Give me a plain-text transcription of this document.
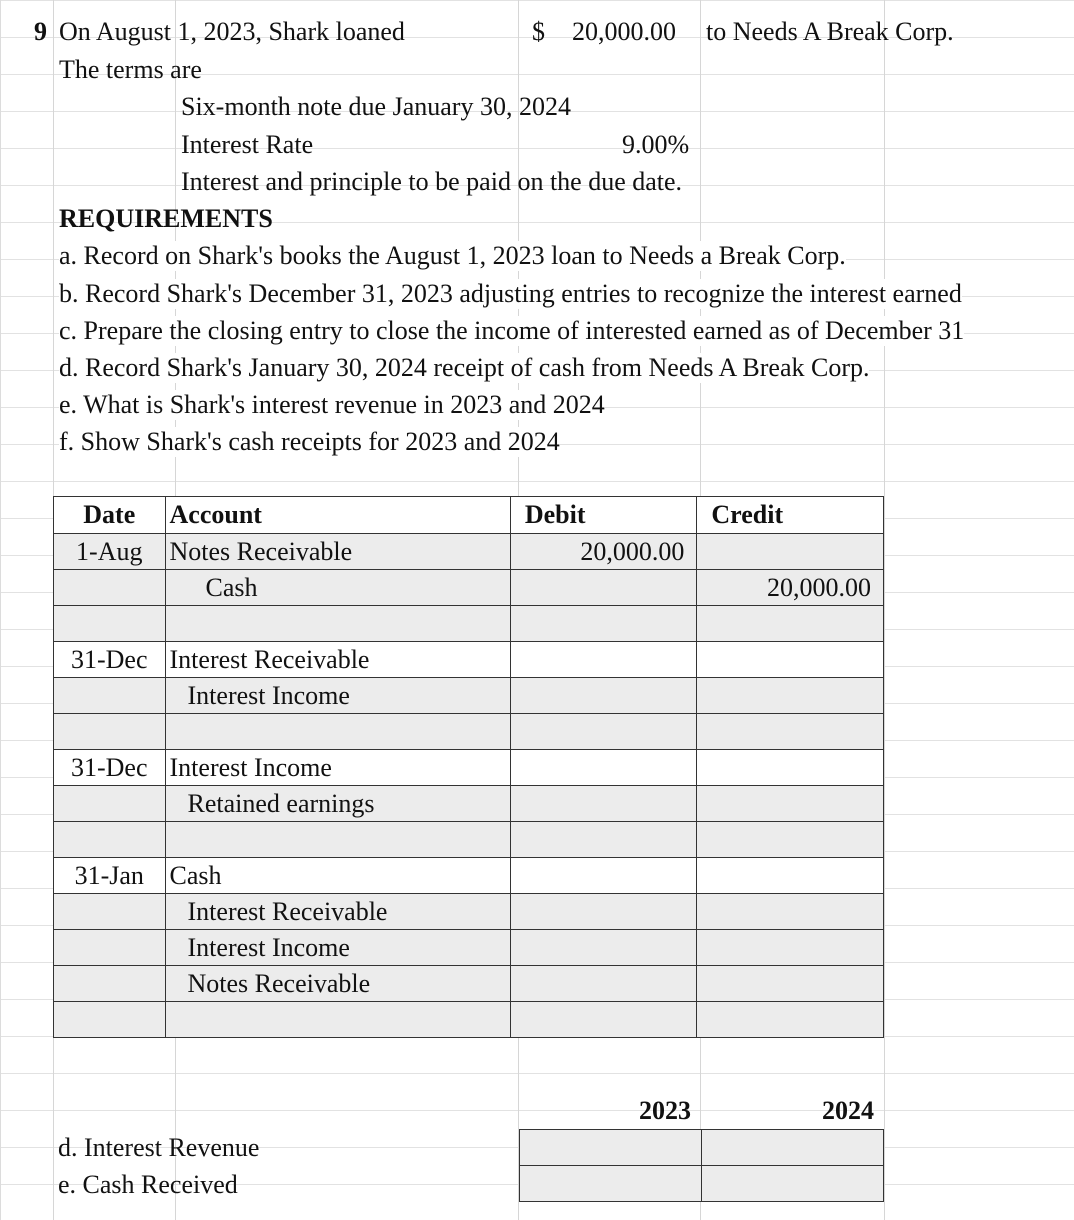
9 On August 1, 2023, Shark loaned	$ 20,000.00 to Needs A Break Corp.
The terms are
Six-month note due January 30, 2024
Interest Rate	9.00%
Interest and principle to be paid on the due date.
REQUIREMENTS
a. Record on Shark's books the August 1, 2023 loan to Needs a Break Corp.
b. Record Shark's December 31, 2023 adjusting entries to recognize the interest earned
c. Prepare the closing entry to close the income of interested earned as of December 31
d. Record Shark's January 30, 2024 receipt of cash from Needs A Break Corp.
e. What is Shark's interest revenue in 2023 and 2024
f. Show Shark's cash receipts for 2023 and 2024
Date	Account	Debit	Credit
1-Aug	Notes Receivable	20,000.00	
	Cash		20,000.00

31-Dec	Interest Receivable		
	Interest Income		

31-Dec	Interest Income		
	Retained earnings		

31-Jan	Cash		
	Interest Receivable		
	Interest Income		
	Notes Receivable		

2023	2024
d. Interest Revenue
e. Cash Received
